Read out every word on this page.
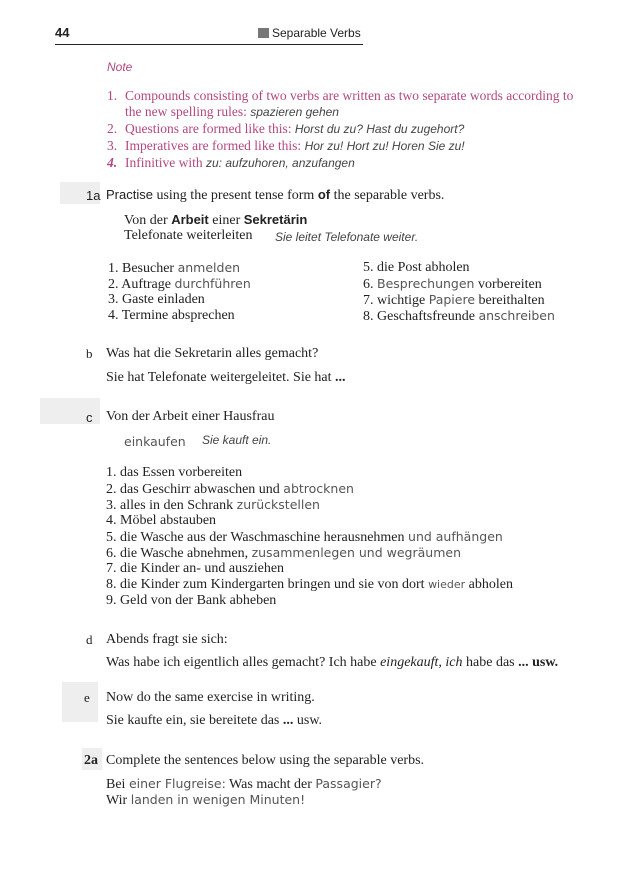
44	Separable Verbs
Note
1. Compounds consisting of two verbs are written as two separate words according to
the new spelling rules: spazieren gehen
2. Questions are formed like this: Horst du zu? Hast du zugehort?
3. Imperatives are formed like this: Hor zu! Hort zu! Horen Sie zu!
4. Infinitive with zu: aufzuhoren, anzufangen
1a Practise using the present tense form of the separable verbs.
Von der Arbeit einer Sekretärin
Telefonate weiterleiten Sie leitet Telefonate weiter.
1. Besucher anmelden
2. Auftrage durchführen
3. Gaste einladen
4. Termine absprechen
5. die Post abholen
6. Besprechungen vorbereiten
7. wichtige Papiere bereithalten
8. Geschaftsfreunde anschreiben
b Was hat die Sekretarin alles gemacht?
Sie hat Telefonate weitergeleitet. Sie hat ...
c Von der Arbeit einer Hausfrau
einkaufen Sie kauft ein.
1. das Essen vorbereiten
2. das Geschirr abwaschen und abtrocknen
3. alles in den Schrank zurückstellen
4. Möbel abstauben
5. die Wasche aus der Waschmaschine herausnehmen und aufhängen
6. die Wasche abnehmen, zusammenlegen und wegräumen
7. die Kinder an- und ausziehen
8. die Kinder zum Kindergarten bringen und sie von dort wieder abholen
9. Geld von der Bank abheben
d Abends fragt sie sich:
Was habe ich eigentlich alles gemacht? Ich habe eingekauft, ich habe das ... usw.
e Now do the same exercise in writing.
Sie kaufte ein, sie bereitete das ... usw.
2a Complete the sentences below using the separable verbs.
Bei einer Flugreise: Was macht der Passagier?
Wir landen in wenigen Minuten!
